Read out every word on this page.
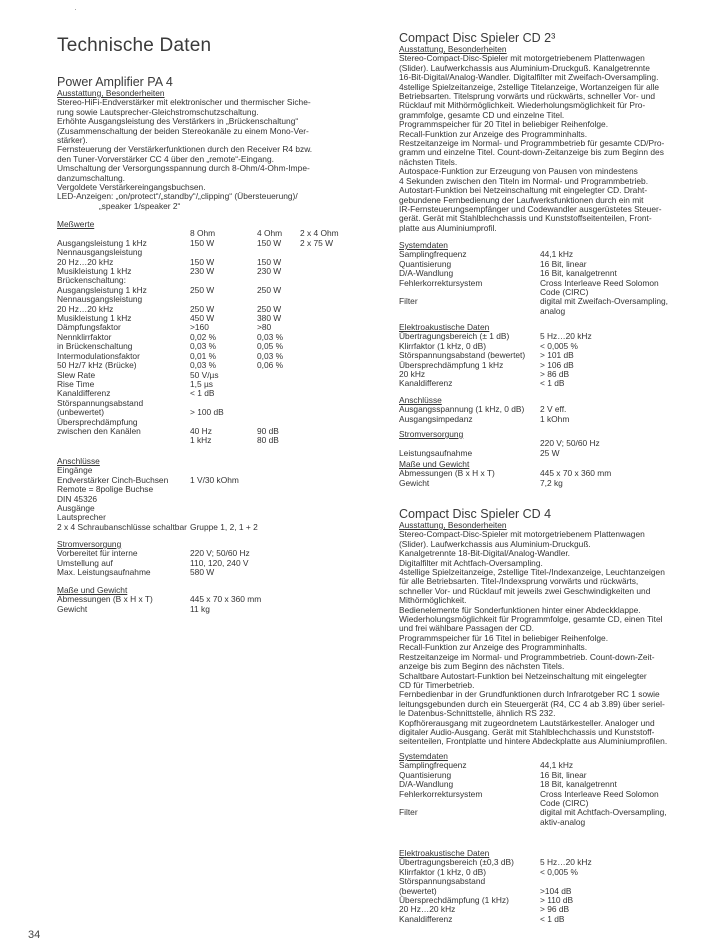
·
Technische Daten
Power Amplifier PA 4
Ausstattung, Besonderheiten
Stereo-HiFi-Endverstärker mit elektronischer und thermischer Siche-
rung sowie Lautsprecher-Gleichstromschutzschaltung.
Erhöhte Ausgangsleistung des Verstärkers in „Brückenschaltung“
(Zusammenschaltung der beiden Stereokanäle zu einem Mono-Ver-
stärker).
Fernsteuerung der Verstärkerfunktionen durch den Receiver R4 bzw.
den Tuner-Vorverstärker CC 4 über den „remote“-Eingang.
Umschaltung der Versorgungsspannung durch 8-Ohm/4-Ohm-Impe-
danzumschaltung.
Vergoldete Verstärkereingangsbuchsen.
LED-Anzeigen: „on/protect“/„standby“/„clipping“ (Übersteuerung)/
„speaker 1/speaker 2“
Meßwerte
8 Ohm	4 Ohm	2 x 4 Ohm
Ausgangsleistung 1 kHz	150 W	150 W	2 x 75 W
Nennausgangsleistung
20 Hz…20 kHz	150 W	150 W
Musikleistung 1 kHz	230 W	230 W
Brückenschaltung:
Ausgangsleistung 1 kHz	250 W	250 W
Nennausgangsleistung
20 Hz…20 kHz	250 W	250 W
Musikleistung 1 kHz	450 W	380 W
Dämpfungsfaktor	>160	>80
Nennklirrfaktor	0,02 %	0,03 %
in Brückenschaltung	0,03 %	0,05 %
Intermodulationsfaktor	0,01 %	0,03 %
50 Hz/7 kHz (Brücke)	0,03 %	0,06 %
Slew Rate	50 V/µs
Rise Time	1,5 µs
Kanaldifferenz	< 1 dB
Störspannungsabstand
(unbewertet)	> 100 dB
Übersprechdämpfung
zwischen den Kanälen	40 Hz	90 dB
1 kHz	80 dB
Anschlüsse
Eingänge
Endverstärker Cinch-Buchsen	1 V/30 kOhm
Remote = 8polige Buchse
DIN 45326
Ausgänge
Lautsprecher
2 x 4 Schraubanschlüsse schaltbar Gruppe 1, 2, 1 + 2
Stromversorgung
Vorbereitet für interne	220 V; 50/60 Hz
Umstellung auf	110, 120, 240 V
Max. Leistungsaufnahme	580 W
Maße und Gewicht
Abmessungen (B x H x T)	445 x 70 x 360 mm
Gewicht	11 kg
34
Compact Disc Spieler CD 2³
Ausstattung, Besonderheiten
Stereo-Compact-Disc-Spieler mit motorgetriebenem Plattenwagen
(Slider). Laufwerkchassis aus Aluminium-Druckguß. Kanalgetrennte
16-Bit-Digital/Analog-Wandler. Digitalfilter mit Zweifach-Oversampling.
4stellige Spielzeitanzeige, 2stellige Titelanzeige, Wortanzeigen für alle
Betriebsarten. Titelsprung vorwärts und rückwärts, schneller Vor- und
Rücklauf mit Mithörmöglichkeit. Wiederholungsmöglichkeit für Pro-
grammfolge, gesamte CD und einzelne Titel.
Programmspeicher für 20 Titel in beliebiger Reihenfolge.
Recall-Funktion zur Anzeige des Programminhalts.
Restzeitanzeige im Normal- und Programmbetrieb für gesamte CD/Pro-
gramm und einzelne Titel. Count-down-Zeitanzeige bis zum Beginn des
nächsten Titels.
Autospace-Funktion zur Erzeugung von Pausen von mindestens
4 Sekunden zwischen den Titeln im Normal- und Programmbetrieb.
Autostart-Funktion bei Netzeinschaltung mit eingelegter CD. Draht-
gebundene Fernbedienung der Laufwerksfunktionen durch ein mit
IR-Fernsteuerungsempfänger und Codewandler ausgerüstetes Steuer-
gerät. Gerät mit Stahlblechchassis und Kunststoffseitenteilen, Front-
platte aus Aluminiumprofil.
Systemdaten
Samplingfrequenz	44,1 kHz
Quantisierung	16 Bit, linear
D/A-Wandlung	16 Bit, kanalgetrennt
Fehlerkorrektursystem	Cross Interleave Reed Solomon
Code (CIRC)
Filter	digital mit Zweifach-Oversampling,
analog
Elektroakustische Daten
Übertragungsbereich (± 1 dB)	5 Hz…20 kHz
Klirrfaktor (1 kHz, 0 dB)	< 0,005 %
Störspannungsabstand (bewertet)	> 101 dB
Übersprechdämpfung 1 kHz	> 106 dB
20 kHz	> 86 dB
Kanaldifferenz	< 1 dB
Anschlüsse
Ausgangsspannung (1 kHz, 0 dB)	2 V eff.
Ausgangsimpedanz	1 kOhm
Stromversorgung
220 V; 50/60 Hz
Leistungsaufnahme	25 W
Maße und Gewicht
Abmessungen (B x H x T)	445 x 70 x 360 mm
Gewicht	7,2 kg
Compact Disc Spieler CD 4
Ausstattung, Besonderheiten
Stereo-Compact-Disc-Spieler mit motorgetriebenem Plattenwagen
(Slider). Laufwerkchassis aus Aluminium-Druckguß.
Kanalgetrennte 18-Bit-Digital/Analog-Wandler.
Digitalfilter mit Achtfach-Oversampling.
4stellige Spielzeitanzeige, 2stellige Titel-/Indexanzeige, Leuchtanzeigen
für alle Betriebsarten. Titel-/Indexsprung vorwärts und rückwärts,
schneller Vor- und Rücklauf mit jeweils zwei Geschwindigkeiten und
Mithörmöglichkeit.
Bedienelemente für Sonderfunktionen hinter einer Abdeckklappe.
Wiederholungsmöglichkeit für Programmfolge, gesamte CD, einen Titel
und frei wählbare Passagen der CD.
Programmspeicher für 16 Titel in beliebiger Reihenfolge.
Recall-Funktion zur Anzeige des Programminhalts.
Restzeitanzeige im Normal- und Programmbetrieb. Count-down-Zeit-
anzeige bis zum Beginn des nächsten Titels.
Schaltbare Autostart-Funktion bei Netzeinschaltung mit eingelegter
CD für Timerbetrieb.
Fernbedienbar in der Grundfunktionen durch Infrarotgeber RC 1 sowie
leitungsgebunden durch ein Steuergerät (R4, CC 4 ab 3.89) über seriel-
le Datenbus-Schnittstelle, ähnlich RS 232.
Kopfhörerausgang mit zugeordnetem Lautstärkesteller. Analoger und
digitaler Audio-Ausgang. Gerät mit Stahlblechchassis und Kunststoff-
seitenteilen, Frontplatte und hintere Abdeckplatte aus Aluminiumprofilen.
Systemdaten
Samplingfrequenz	44,1 kHz
Quantisierung	16 Bit, linear
D/A-Wandlung	18 Bit, kanalgetrennt
Fehlerkorrektursystem	Cross Interleave Reed Solomon
Code (CIRC)
Filter	digital mit Achtfach-Oversampling,
aktiv-analog
Elektroakustische Daten
Übertragungsbereich (±0,3 dB)	5 Hz…20 kHz
Klirrfaktor (1 kHz, 0 dB)	< 0,005 %
Störspannungsabstand
(bewertet)	>104 dB
Übersprechdämpfung (1 kHz)	> 110 dB
20 Hz…20 kHz	> 96 dB
Kanaldifferenz	< 1 dB
